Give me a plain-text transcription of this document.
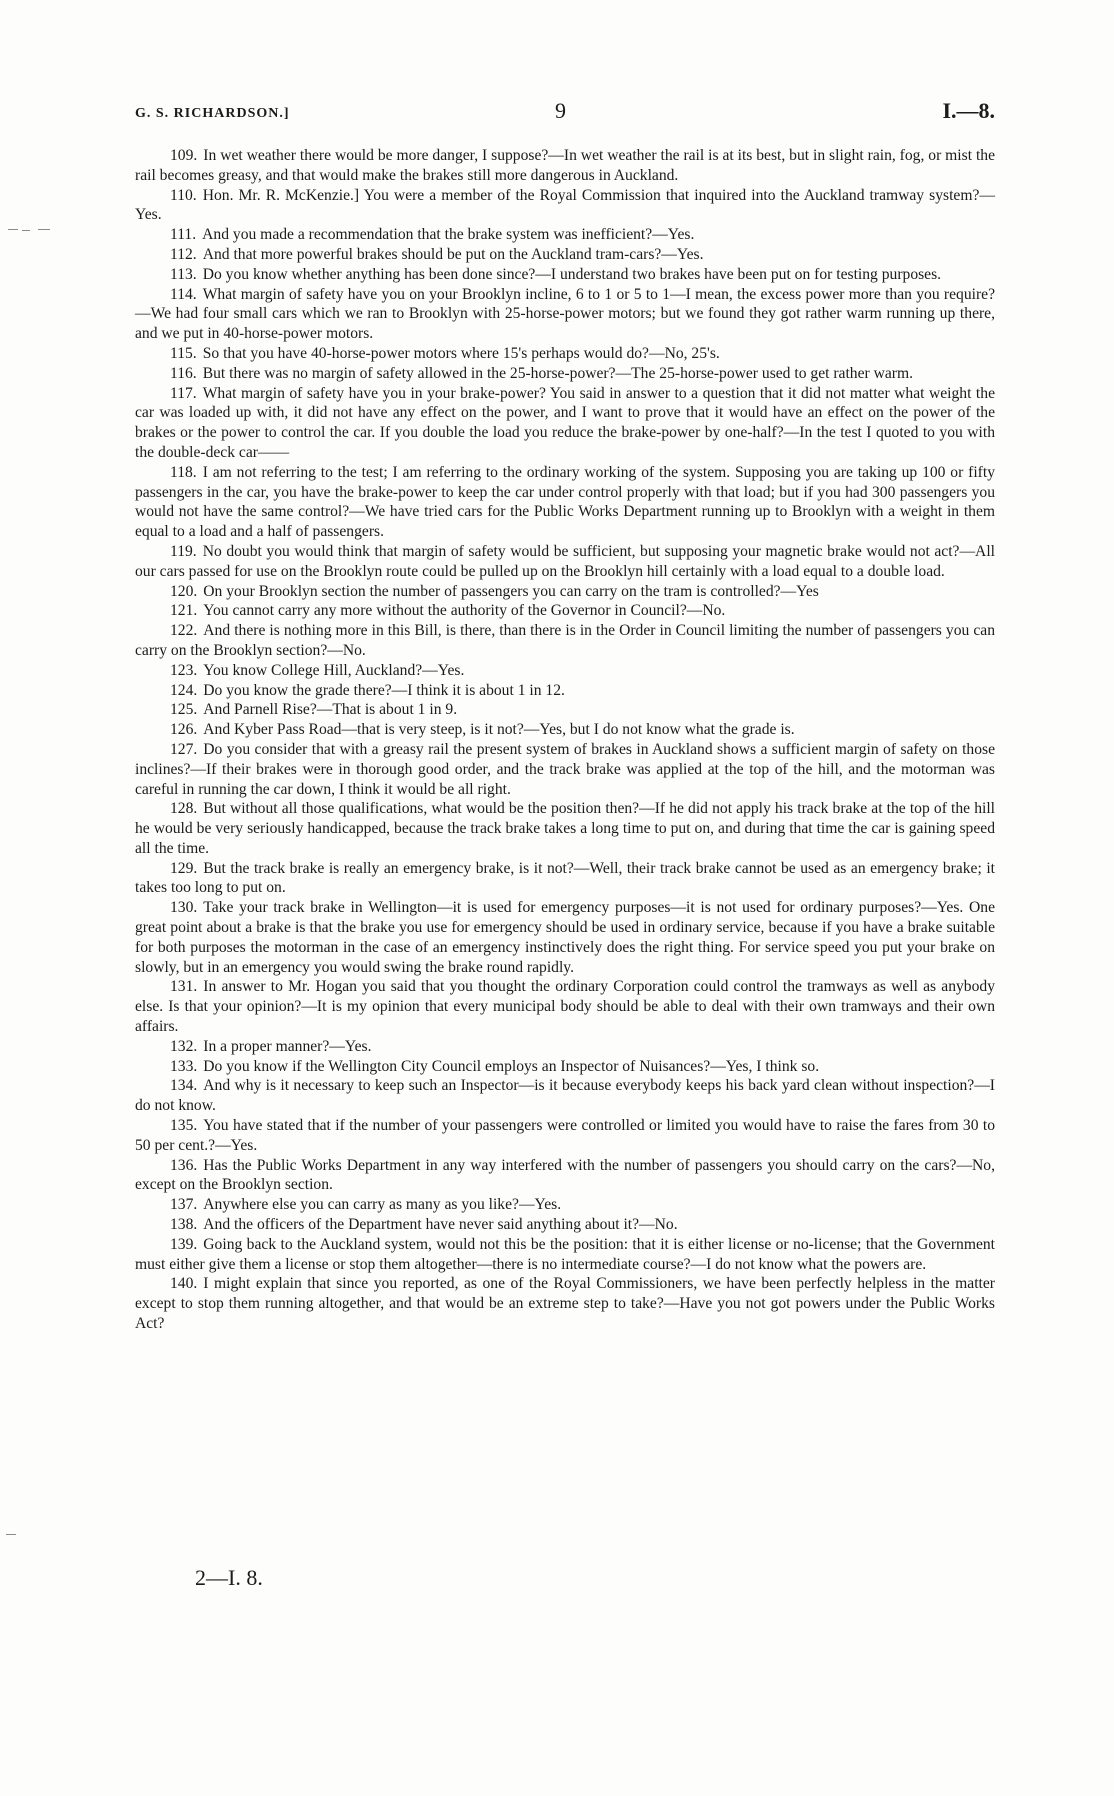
G. S. RICHARDSON.]	9	I.—8.

109. In wet weather there would be more danger, I suppose?—In wet weather the rail is at its best, but in slight rain, fog, or mist the rail becomes greasy, and that would make the brakes still more dangerous in Auckland.

110. Hon. Mr. R. McKenzie.] You were a member of the Royal Commission that inquired into the Auckland tramway system?—Yes.

111. And you made a recommendation that the brake system was inefficient?—Yes.

112. And that more powerful brakes should be put on the Auckland tram-cars?—Yes.

113. Do you know whether anything has been done since?—I understand two brakes have been put on for testing purposes.

114. What margin of safety have you on your Brooklyn incline, 6 to 1 or 5 to 1—I mean, the excess power more than you require?—We had four small cars which we ran to Brooklyn with 25-horse-power motors; but we found they got rather warm running up there, and we put in 40-horse-power motors.

115. So that you have 40-horse-power motors where 15's perhaps would do?—No, 25's.

116. But there was no margin of safety allowed in the 25-horse-power?—The 25-horse-power used to get rather warm.

117. What margin of safety have you in your brake-power? You said in answer to a question that it did not matter what weight the car was loaded up with, it did not have any effect on the power, and I want to prove that it would have an effect on the power of the brakes or the power to control the car. If you double the load you reduce the brake-power by one-half?—In the test I quoted to you with the double-deck car——

118. I am not referring to the test; I am referring to the ordinary working of the system. Supposing you are taking up 100 or fifty passengers in the car, you have the brake-power to keep the car under control properly with that load; but if you had 300 passengers you would not have the same control?—We have tried cars for the Public Works Department running up to Brooklyn with a weight in them equal to a load and a half of passengers.

119. No doubt you would think that margin of safety would be sufficient, but supposing your magnetic brake would not act?—All our cars passed for use on the Brooklyn route could be pulled up on the Brooklyn hill certainly with a load equal to a double load.

120. On your Brooklyn section the number of passengers you can carry on the tram is controlled?—Yes

121. You cannot carry any more without the authority of the Governor in Council?—No.

122. And there is nothing more in this Bill, is there, than there is in the Order in Council limiting the number of passengers you can carry on the Brooklyn section?—No.

123. You know College Hill, Auckland?—Yes.

124. Do you know the grade there?—I think it is about 1 in 12.

125. And Parnell Rise?—That is about 1 in 9.

126. And Kyber Pass Road—that is very steep, is it not?—Yes, but I do not know what the grade is.

127. Do you consider that with a greasy rail the present system of brakes in Auckland shows a sufficient margin of safety on those inclines?—If their brakes were in thorough good order, and the track brake was applied at the top of the hill, and the motorman was careful in running the car down, I think it would be all right.

128. But without all those qualifications, what would be the position then?—If he did not apply his track brake at the top of the hill he would be very seriously handicapped, because the track brake takes a long time to put on, and during that time the car is gaining speed all the time.

129. But the track brake is really an emergency brake, is it not?—Well, their track brake cannot be used as an emergency brake; it takes too long to put on.

130. Take your track brake in Wellington—it is used for emergency purposes—it is not used for ordinary purposes?—Yes. One great point about a brake is that the brake you use for emergency should be used in ordinary service, because if you have a brake suitable for both purposes the motorman in the case of an emergency instinctively does the right thing. For service speed you put your brake on slowly, but in an emergency you would swing the brake round rapidly.

131. In answer to Mr. Hogan you said that you thought the ordinary Corporation could control the tramways as well as anybody else. Is that your opinion?—It is my opinion that every municipal body should be able to deal with their own tramways and their own affairs.

132. In a proper manner?—Yes.

133. Do you know if the Wellington City Council employs an Inspector of Nuisances?—Yes, I think so.

134. And why is it necessary to keep such an Inspector—is it because everybody keeps his back yard clean without inspection?—I do not know.

135. You have stated that if the number of your passengers were controlled or limited you would have to raise the fares from 30 to 50 per cent.?—Yes.

136. Has the Public Works Department in any way interfered with the number of passengers you should carry on the cars?—No, except on the Brooklyn section.

137. Anywhere else you can carry as many as you like?—Yes.

138. And the officers of the Department have never said anything about it?—No.

139. Going back to the Auckland system, would not this be the position: that it is either license or no-license; that the Government must either give them a license or stop them altogether—there is no intermediate course?—I do not know what the powers are.

140. I might explain that since you reported, as one of the Royal Commissioners, we have been perfectly helpless in the matter except to stop them running altogether, and that would be an extreme step to take?—Have you not got powers under the Public Works Act?

2—I. 8.
